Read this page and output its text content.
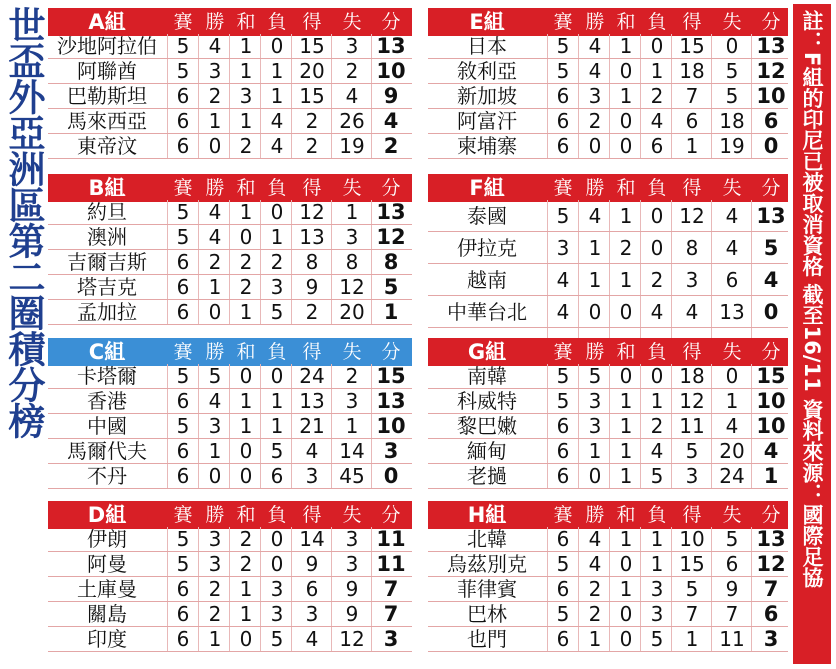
世盃外亞洲區第二圈積分榜	A組	賽 勝 和 負 得	失	分
沙地阿拉伯 5 4 1 0 15	3 13
阿聯酋	5 3 1 1 20	2 10
巴勒斯坦	6 2 3 1 15	4	9
馬來西亞	6 1 1 4	2	26 4
東帝汶	6 0 2 4	2	19 2
B組	賽 勝 和 負 得	失	分
約旦	5 4 1 0 12	1 13
澳洲	5 4 0 1 13	3 12
吉爾吉斯	6 2 2 2	8	8	8
塔吉克	6 1 2 3	9	12 5
孟加拉	6 0 1 5	2	20 1
C組	賽 勝 和 負 得	失	分
卡塔爾	5 5 0 0 24	2 15
香港	6 4 1 1 13	3 13
中國	5 3 1 1 21	1 10
馬爾代夫	6 1 0 5	4	14 3
不丹	6 0 0 6	3	45 0
D組	賽 勝 和 負 得	失	分
伊朗	5 3 2 0 14	3 11
阿曼	5 3 2 0	9	3 11
土庫曼	6 2 1 3	6	9	7
關島	6 2 1 3	3	9	7
印度	6 1 0 5	4	12 3
E組	賽 勝 和 負 得	失	分
日本	5 4 1 0 15	0 13
敘利亞	5 4 0 1 18	5 12
新加坡	6 3 1 2	7	5 10
阿富汗	6 2 0 4	6	18 6
柬埔寨	6 0 0 6	1	19 0
F組	賽 勝 和 負 得	失	分
泰國	5 4 1 0 12	4 13
伊拉克	3 1 2 0	8	4	5
越南	4 1 1 2	3	6	4
中華台北	4 0 0 4	4	13 0
G組	賽 勝 和 負 得	失	分
南韓	5 5 0 0 18	0 15
科威特	5 3 1 1 12	1 10
黎巴嫩	6 3 1 2 11	4 10
緬甸	6 1 1 4	5	20 4
老撾	6 0 1 5	3	24 1
H組	賽 勝 和 負 得	失	分
北韓	6 4 1 1 10	5 13
烏茲別克	5 4 0 1 15	6 12
菲律賓	6 2 1 3	5	9	7
巴林	5 2 0 3	7	7	6
也門	6 1 0 5	1	11 3
註：F組的印尼已被取消資格 截至16/11 資料來源：國際足協
